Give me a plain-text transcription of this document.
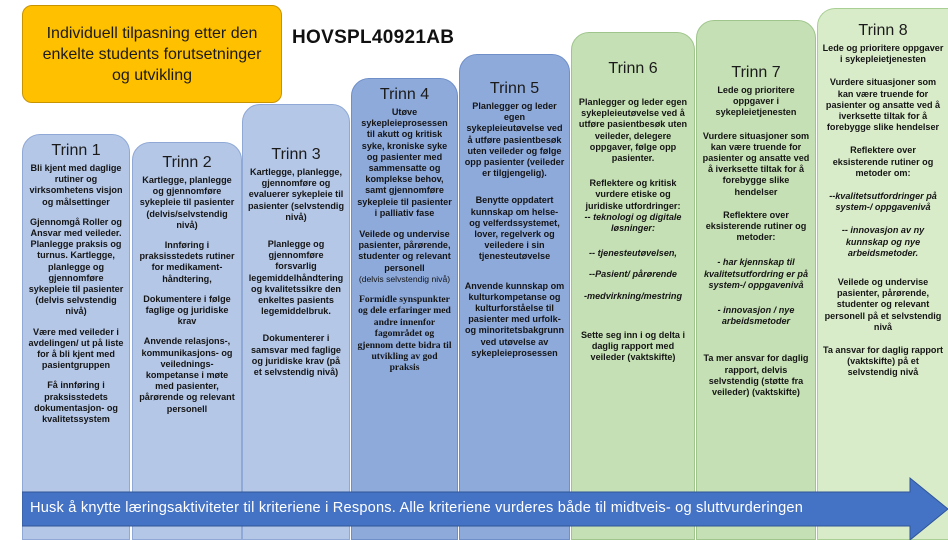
Individuell tilpasning etter den enkelte students forutsetninger og utvikling
HOVSPL40921AB
Trinn 1

Bli kjent med daglige rutiner og virksomhetens visjon og målsettinger

Gjennomgå Roller og Ansvar med veileder. Planlegge praksis og turnus. Kartlegge, planlegge og gjennomføre sykepleie til pasienter (delvis selvstendig nivå)

Være med veileder i avdelingen/ ut på liste for å bli kjent med pasientgruppen

Få innføring i praksisstedets dokumentasjon- og kvalitetssystem

Trinn 2

Kartlegge, planlegge og gjennomføre sykepleie til pasienter (delvis/selvstendig nivå)

Innføring i praksisstedets rutiner for medikament-håndtering,

Dokumentere i følge faglige og juridiske krav

Anvende relasjons-, kommunikasjons- og veilednings-kompetanse i møte med pasienter, pårørende og relevant personell

Trinn 3

Kartlegge, planlegge, gjennomføre og evaluerer sykepleie til pasienter (selvstendig nivå)

Planlegge og gjennomføre forsvarlig legemiddelhåndtering og kvalitetssikre den enkeltes pasients legemiddelbruk.

Dokumenterer i samsvar med faglige og juridiske krav (på et selvstendig nivå)

Trinn 4

Utøve sykepleieprosessen til akutt og kritisk syke, kroniske syke og pasienter med sammensatte og komplekse behov, samt gjennomføre sykepleie til pasienter i palliativ fase

Veilede og undervise pasienter, pårørende, studenter og relevant personell

(delvis selvstendig nivå)

Formidle synspunkter og dele erfaringer med andre innenfor fagområdet og gjennom dette bidra til utvikling av god praksis

Trinn 5

Planlegger og leder egen sykepleieutøvelse ved å utføre pasientbesøk uten veileder og følge opp pasienter (veileder er tilgjengelig).

Benytte oppdatert kunnskap om helse- og velferdssystemet, lover, regelverk og veiledere i sin tjenesteutøvelse

Anvende kunnskap om kulturkompetanse og kulturforståelse til pasienter med urfolk- og minoritetsbakgrunn ved utøvelse av sykepleieprosessen

Trinn 6

Planlegger og leder egen sykepleieutøvelse ved å utføre pasientbesøk uten veileder, delegere oppgaver, følge opp pasienter.

Reflektere og kritisk vurdere etiske og juridiske utfordringer:

-- teknologi og digitale løsninger:

-- tjenesteutøvelsen,

--Pasient/ pårørende

-medvirkning/mestring

Sette seg inn i og delta i daglig rapport med veileder (vaktskifte)

Trinn 7

Lede og prioritere oppgaver i sykepleietjenesten

Vurdere situasjoner som kan være truende for pasienter og ansatte ved å iverksette tiltak for å forebygge slike hendelser

Reflektere over eksisterende rutiner og metoder:

- har kjennskap til kvalitetsutfordring er på system-/ oppgavenivå

- innovasjon / nye arbeidsmetoder

Ta mer ansvar for daglig rapport, delvis selvstendig (støtte fra veileder) (vaktskifte)

Trinn 8

Lede og prioritere oppgaver i sykepleietjenesten

Vurdere situasjoner som kan være truende for pasienter og ansatte ved å iverksette tiltak for å forebygge slike hendelser

Reflektere over eksisterende rutiner og metoder om:

--kvalitetsutfordringer på system-/ oppgavenivå

-- innovasjon av ny kunnskap og nye arbeidsmetoder.

Veilede og undervise pasienter, pårørende, studenter og relevant personell på et selvstendig nivå

Ta ansvar for daglig rapport (vaktskifte) på et selvstendig nivå

Husk å knytte læringsaktiviteter til kriteriene i Respons. Alle kriteriene vurderes både til midtveis- og sluttvurderingen
